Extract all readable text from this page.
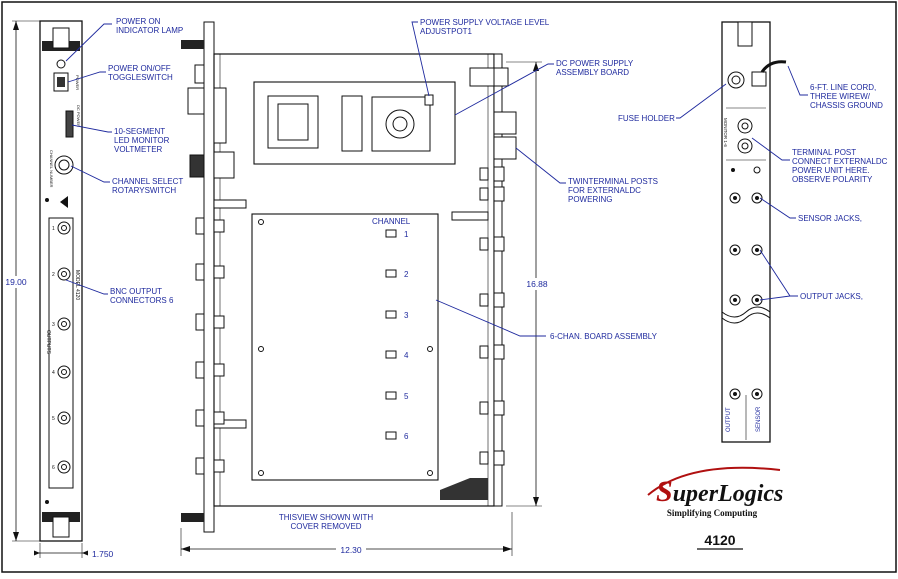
1
2
3
4
5
6
MODEL 4120
OUTPUTS
POWER
DC POWER
CHANNEL NUMBER
19.00
1.750
CHANNEL
1
2
3
4
5
6
16.88
12.30
THISVIEW SHOWN WITH
COVER REMOVED
MONITOR 1-6
OUTPUT	SENSOR
POWER ON
INDICATOR LAMP
POWER ON/OFF
TOGGLESWITCH
10-SEGMENT
LED MONITOR
VOLTMETER
CHANNEL SELECT
ROTARYSWITCH
BNC OUTPUT
CONNECTORS 6
POWER SUPPLY VOLTAGE LEVEL
ADJUSTPOT1
DC POWER SUPPLY
ASSEMBLY BOARD
TWINTERMINAL POSTS
FOR EXTERNALDC
POWERING
6-CHAN. BOARD ASSEMBLY
FUSE HOLDER
6-FT. LINE CORD,
THREE WIREW/
CHASSIS GROUND
TERMINAL POST
CONNECT EXTERNALDC
POWER UNIT HERE.
OBSERVE POLARITY
SENSOR JACKS,
OUTPUT JACKS,
SuperLogics
Simplifying Computing
4120
